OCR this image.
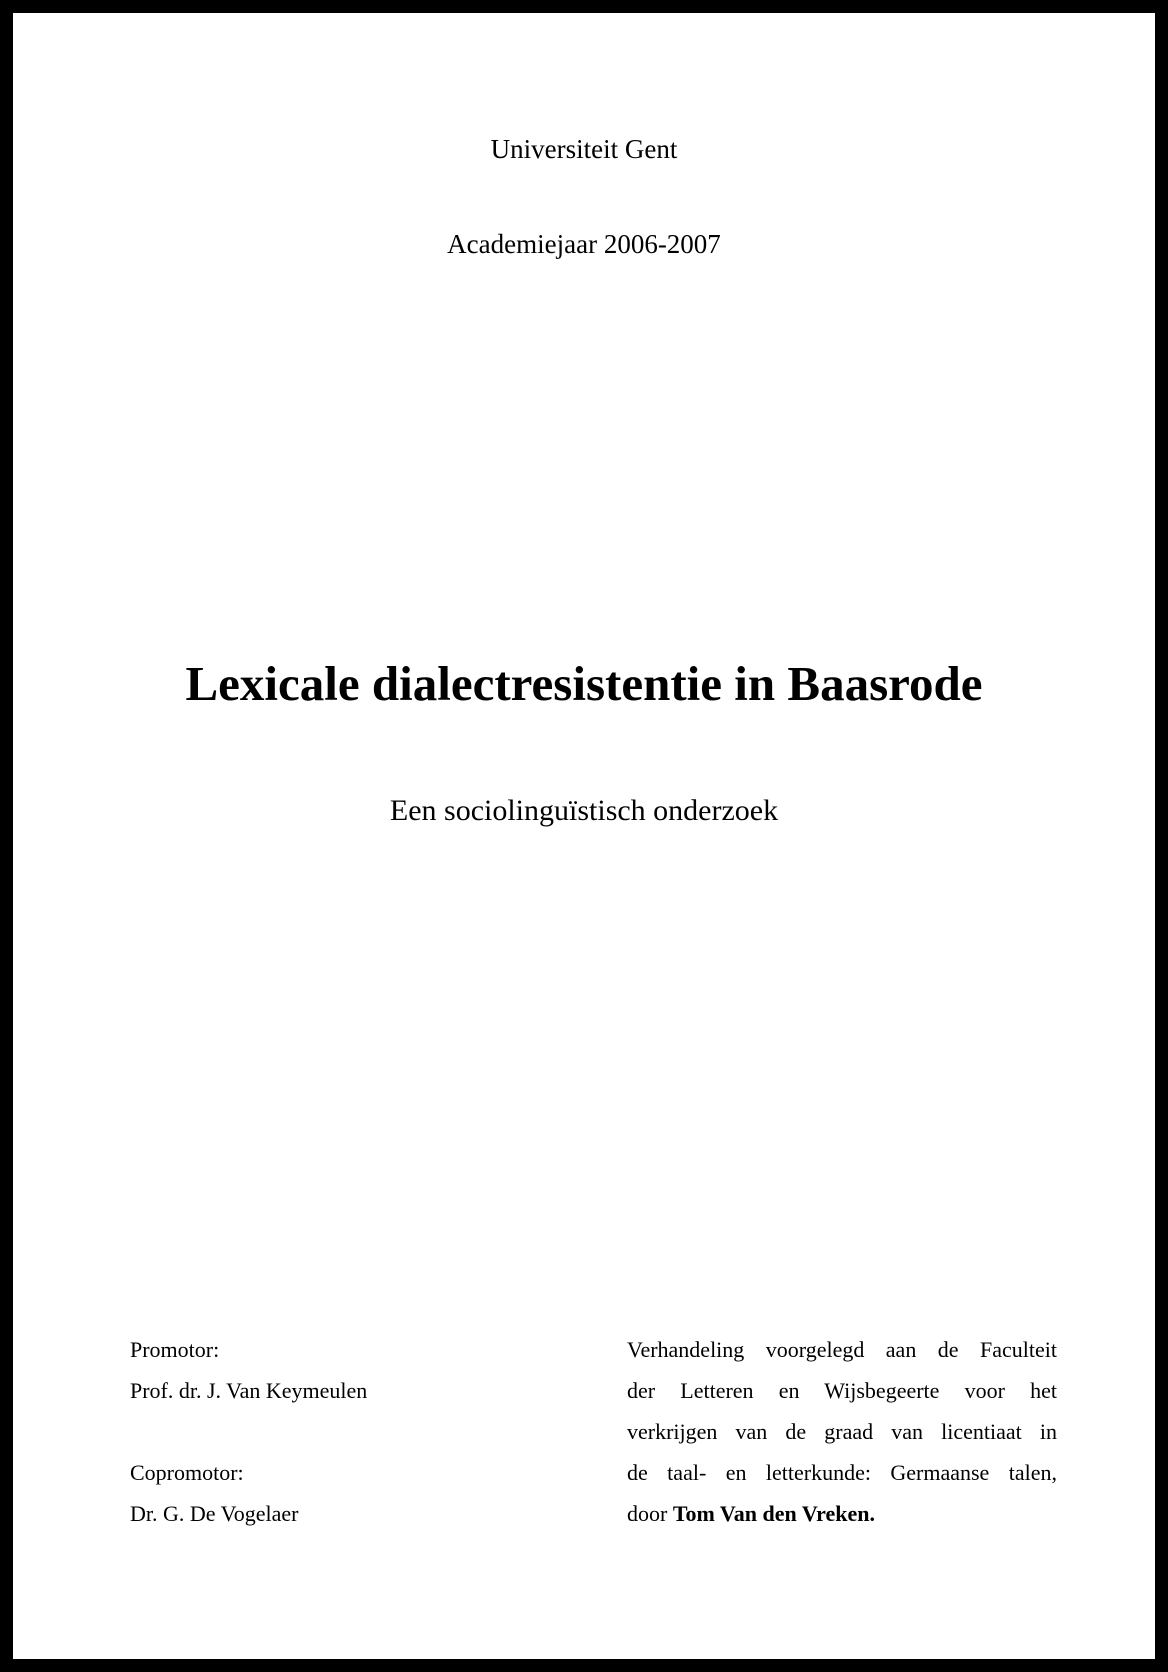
Universiteit Gent
Academiejaar 2006-2007
Lexicale dialectresistentie in Baasrode
Een sociolinguïstisch onderzoek
Promotor:
Prof. dr. J. Van Keymeulen
Copromotor:
Dr. G. De Vogelaer
Verhandeling voorgelegd aan de Faculteit
der Letteren en Wijsbegeerte voor het
verkrijgen van de graad van licentiaat in
de taal- en letterkunde: Germaanse talen,
door Tom Van den Vreken.
